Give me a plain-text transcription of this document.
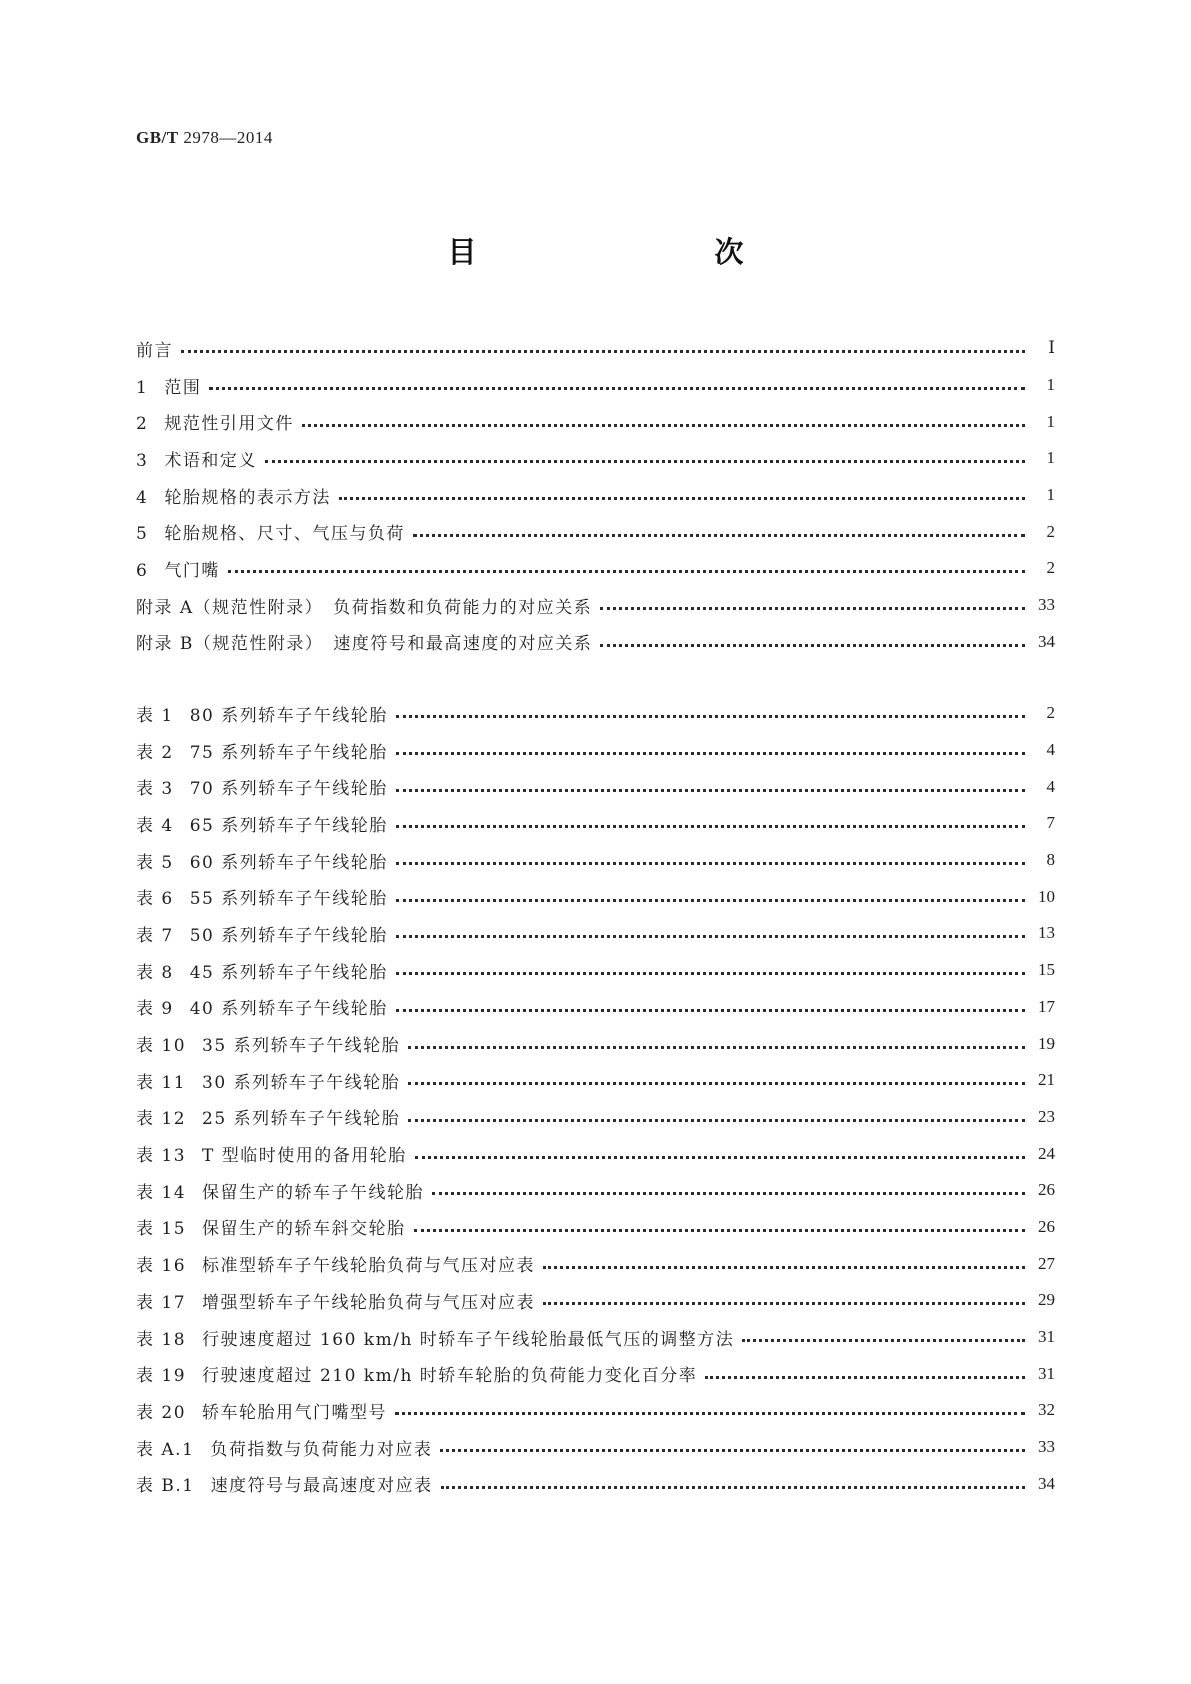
GB/T 2978—2014
目　　次
前言	Ⅰ
1 范围	1
2 规范性引用文件	1
3 术语和定义	1
4 轮胎规格的表示方法	1
5 轮胎规格、尺寸、气压与负荷	2
6 气门嘴	2
附录 A（规范性附录）　负荷指数和负荷能力的对应关系	33
附录 B（规范性附录）　速度符号和最高速度的对应关系	34
表 1 80 系列轿车子午线轮胎	2
表 2 75 系列轿车子午线轮胎	4
表 3 70 系列轿车子午线轮胎	4
表 4 65 系列轿车子午线轮胎	7
表 5 60 系列轿车子午线轮胎	8
表 6 55 系列轿车子午线轮胎	10
表 7 50 系列轿车子午线轮胎	13
表 8 45 系列轿车子午线轮胎	15
表 9 40 系列轿车子午线轮胎	17
表 10 35 系列轿车子午线轮胎	19
表 11 30 系列轿车子午线轮胎	21
表 12 25 系列轿车子午线轮胎	23
表 13 T 型临时使用的备用轮胎	24
表 14 保留生产的轿车子午线轮胎	26
表 15 保留生产的轿车斜交轮胎	26
表 16 标准型轿车子午线轮胎负荷与气压对应表	27
表 17 增强型轿车子午线轮胎负荷与气压对应表	29
表 18 行驶速度超过 160 km/h 时轿车子午线轮胎最低气压的调整方法	31
表 19 行驶速度超过 210 km/h 时轿车轮胎的负荷能力变化百分率	31
表 20 轿车轮胎用气门嘴型号	32
表 A.1 负荷指数与负荷能力对应表	33
表 B.1 速度符号与最高速度对应表	34
